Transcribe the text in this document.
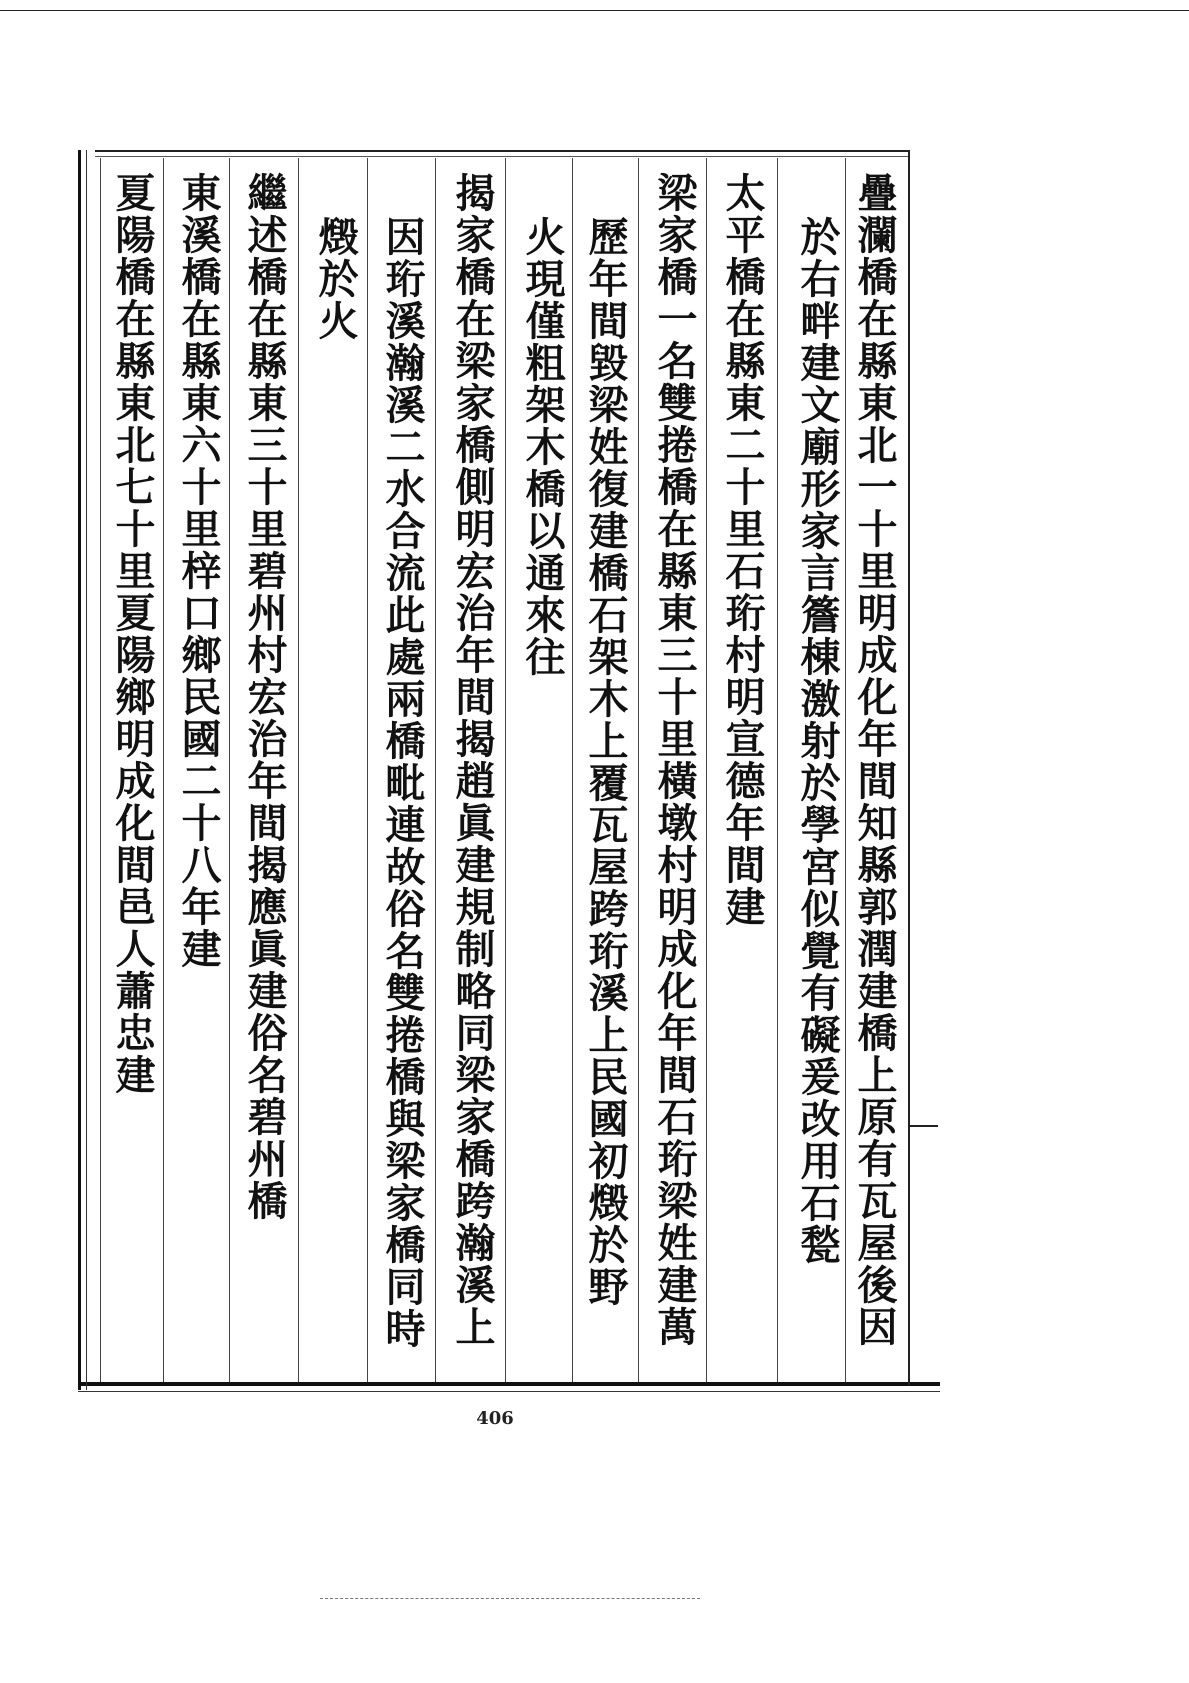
疊瀾橋在縣東北一十里明成化年間知縣郭潤建橋上原有瓦屋後因
於右畔建文廟形家言簷棟激射於學宮似覺有礙爰改用石甃
太平橋在縣東二十里石珩村明宣德年間建
梁家橋一名雙捲橋在縣東三十里橫墩村明成化年間石珩梁姓建萬
歷年間毀梁姓復建橋石架木上覆瓦屋跨珩溪上民國初燬於野
火現僅粗架木橋以通來往
揭家橋在梁家橋側明宏治年間揭趙眞建規制略同梁家橋跨瀚溪上
因珩溪瀚溪二水合流此處兩橋毗連故俗名雙捲橋與梁家橋同時
燬於火
繼述橋在縣東三十里碧州村宏治年間揭應眞建俗名碧州橋
東溪橋在縣東六十里梓口鄉民國二十八年建
夏陽橋在縣東北七十里夏陽鄉明成化間邑人蕭忠建
406
